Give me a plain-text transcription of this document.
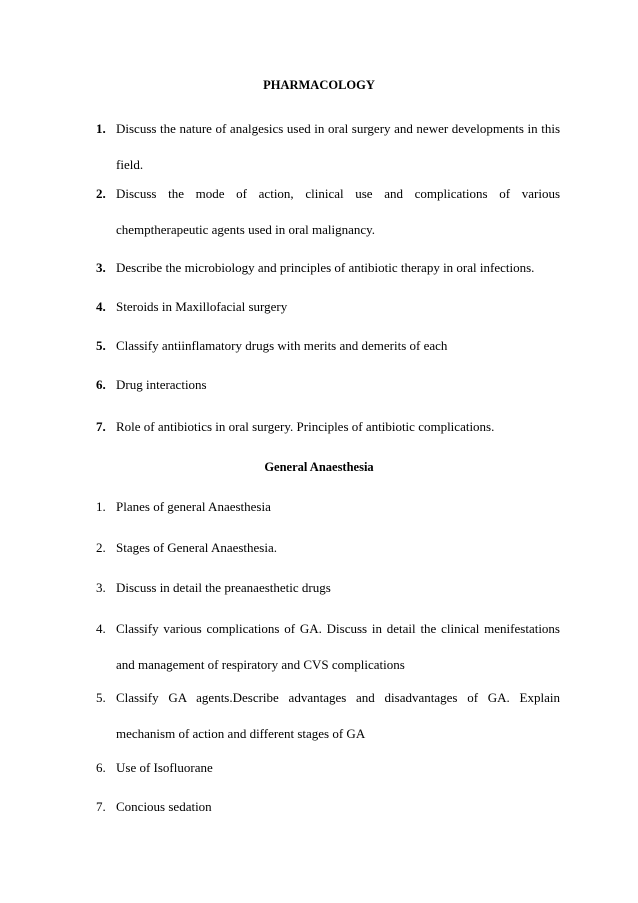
PHARMACOLOGY
1. Discuss the nature of analgesics used in oral surgery and newer developments in this
field.
2. Discuss the mode of action, clinical use and complications of various
chemptherapeutic agents used in oral malignancy.
3. Describe the microbiology and principles of antibiotic therapy in oral infections.
4. Steroids in Maxillofacial surgery
5. Classify antiinflamatory drugs with merits and demerits of each
6. Drug interactions
7. Role of antibiotics in oral surgery. Principles of antibiotic complications.
General Anaesthesia
1. Planes of general Anaesthesia
2. Stages of General Anaesthesia.
3. Discuss in detail the preanaesthetic drugs
4. Classify various complications of GA. Discuss in detail the clinical menifestations
and management of respiratory and CVS complications
5. Classify GA agents.Describe advantages and disadvantages of GA. Explain
mechanism of action and different stages of GA
6. Use of Isofluorane
7. Concious sedation
